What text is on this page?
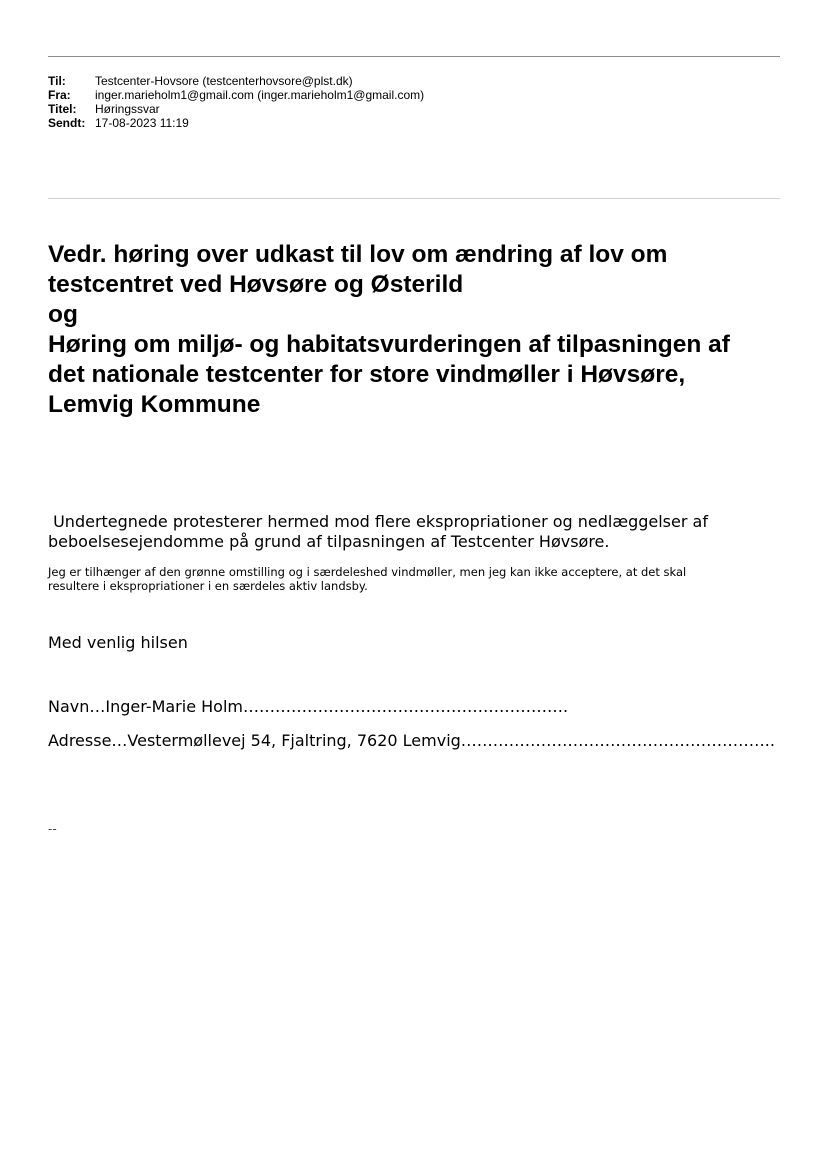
Til:	Testcenter-Hovsore (testcenterhovsore@plst.dk)
Fra:	inger.marieholm1@gmail.com (inger.marieholm1@gmail.com)
Titel:	Høringssvar
Sendt: 17-08-2023 11:19
Vedr. høring over udkast til lov om ændring af lov om
testcentret ved Høvsøre og Østerild
og
Høring om miljø- og habitatsvurderingen af tilpasningen af
det nationale testcenter for store vindmøller i Høvsøre,
Lemvig Kommune
Undertegnede protesterer hermed mod flere ekspropriationer og nedlæggelser af
beboelsesejendomme på grund af tilpasningen af Testcenter Høvsøre.
Jeg er tilhænger af den grønne omstilling og i særdeleshed vindmøller, men jeg kan ikke acceptere, at det skal
resultere i ekspropriationer i en særdeles aktiv landsby.
Med venlig hilsen
Navn…Inger-Marie Holm…………………………………………………….
Adresse…Vestermøllevej 54, Fjaltring, 7620 Lemvig…………………………………………………..
--
